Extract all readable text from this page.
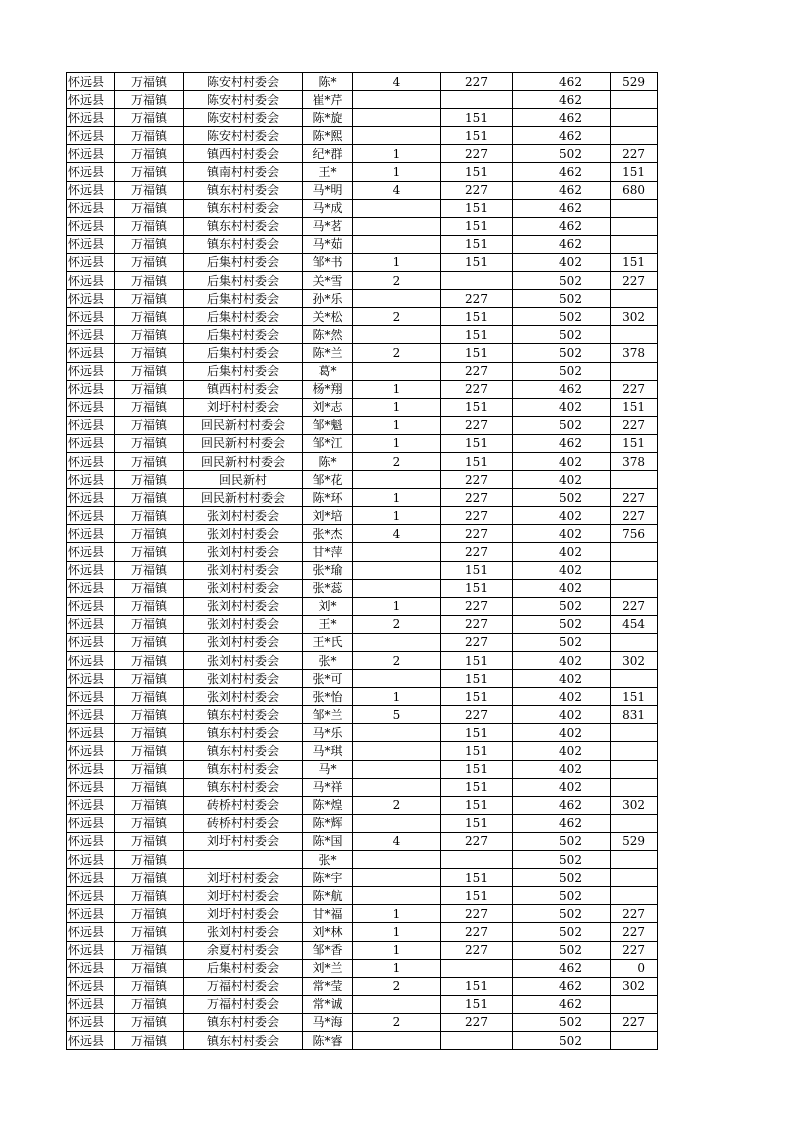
怀远县	万福镇	陈安村村委会	陈*	4	227	462	529
怀远县	万福镇	陈安村村委会	崔*芹			462	
怀远县	万福镇	陈安村村委会	陈*旋		151	462	
怀远县	万福镇	陈安村村委会	陈*熙		151	462	
怀远县	万福镇	镇西村村委会	纪*群	1	227	502	227
怀远县	万福镇	镇南村村委会	王*	1	151	462	151
怀远县	万福镇	镇东村村委会	马*明	4	227	462	680
怀远县	万福镇	镇东村村委会	马*成		151	462	
怀远县	万福镇	镇东村村委会	马*茗		151	462	
怀远县	万福镇	镇东村村委会	马*茹		151	462	
怀远县	万福镇	后集村村委会	邹*书	1	151	402	151
怀远县	万福镇	后集村村委会	关*雪	2		502	227
怀远县	万福镇	后集村村委会	孙*乐		227	502	
怀远县	万福镇	后集村村委会	关*松	2	151	502	302
怀远县	万福镇	后集村村委会	陈*然		151	502	
怀远县	万福镇	后集村村委会	陈*兰	2	151	502	378
怀远县	万福镇	后集村村委会	葛*		227	502	
怀远县	万福镇	镇西村村委会	杨*翔	1	227	462	227
怀远县	万福镇	刘圩村村委会	刘*志	1	151	402	151
怀远县	万福镇	回民新村村委会	邹*魁	1	227	502	227
怀远县	万福镇	回民新村村委会	邹*江	1	151	462	151
怀远县	万福镇	回民新村村委会	陈*	2	151	402	378
怀远县	万福镇	回民新村	邹*花		227	402	
怀远县	万福镇	回民新村村委会	陈*环	1	227	502	227
怀远县	万福镇	张刘村村委会	刘*培	1	227	402	227
怀远县	万福镇	张刘村村委会	张*杰	4	227	402	756
怀远县	万福镇	张刘村村委会	甘*萍		227	402	
怀远县	万福镇	张刘村村委会	张*瑜		151	402	
怀远县	万福镇	张刘村村委会	张*蕊		151	402	
怀远县	万福镇	张刘村村委会	刘*	1	227	502	227
怀远县	万福镇	张刘村村委会	王*	2	227	502	454
怀远县	万福镇	张刘村村委会	王*氏		227	502	
怀远县	万福镇	张刘村村委会	张*	2	151	402	302
怀远县	万福镇	张刘村村委会	张*可		151	402	
怀远县	万福镇	张刘村村委会	张*怡	1	151	402	151
怀远县	万福镇	镇东村村委会	邹*兰	5	227	402	831
怀远县	万福镇	镇东村村委会	马*乐		151	402	
怀远县	万福镇	镇东村村委会	马*琪		151	402	
怀远县	万福镇	镇东村村委会	马*		151	402	
怀远县	万福镇	镇东村村委会	马*祥		151	402	
怀远县	万福镇	砖桥村村委会	陈*煌	2	151	462	302
怀远县	万福镇	砖桥村村委会	陈*辉		151	462	
怀远县	万福镇	刘圩村村委会	陈*国	4	227	502	529
怀远县	万福镇		张*			502	
怀远县	万福镇	刘圩村村委会	陈*宇		151	502	
怀远县	万福镇	刘圩村村委会	陈*航		151	502	
怀远县	万福镇	刘圩村村委会	甘*福	1	227	502	227
怀远县	万福镇	张刘村村委会	刘*林	1	227	502	227
怀远县	万福镇	余夏村村委会	邹*香	1	227	502	227
怀远县	万福镇	后集村村委会	刘*兰	1		462	0
怀远县	万福镇	万福村村委会	常*莹	2	151	462	302
怀远县	万福镇	万福村村委会	常*诚		151	462	
怀远县	万福镇	镇东村村委会	马*海	2	227	502	227
怀远县	万福镇	镇东村村委会	陈*睿			502	
